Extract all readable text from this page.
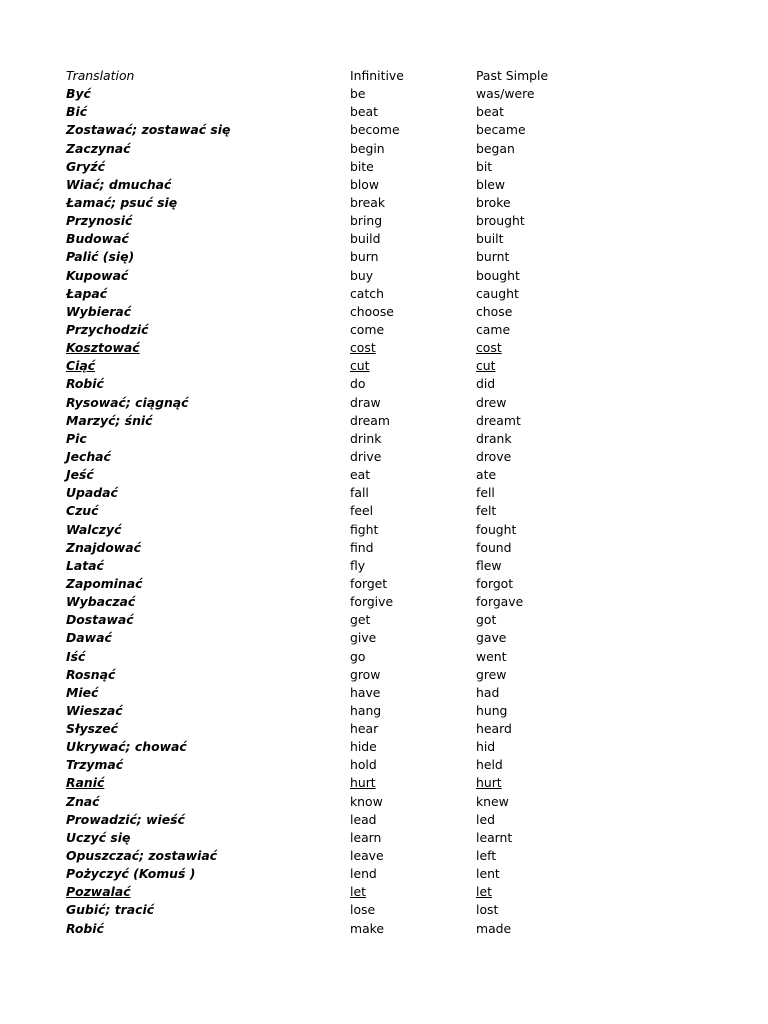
Translation	Infinitive	Past Simple
Być	be	was/were
Bić	beat	beat
Zostawać; zostawać się	become	became
Zaczynać	begin	began
Gryźć	bite	bit
Wiać; dmuchać	blow	blew
Łamać; psuć się	break	broke
Przynosić	bring	brought
Budować	build	built
Palić (się)	burn	burnt
Kupować	buy	bought
Łapać	catch	caught
Wybierać	choose	chose
Przychodzić	come	came
Kosztować	cost	cost
Ciąć	cut	cut
Robić	do	did
Rysować; ciągnąć	draw	drew
Marzyć; śnić	dream	dreamt
Pic	drink	drank
Jechać	drive	drove
Jeść	eat	ate
Upadać	fall	fell
Czuć	feel	felt
Walczyć	fight	fought
Znajdować	find	found
Latać	fly	flew
Zapominać	forget	forgot
Wybaczać	forgive	forgave
Dostawać	get	got
Dawać	give	gave
Iść	go	went
Rosnąć	grow	grew
Mieć	have	had
Wieszać	hang	hung
Słyszeć	hear	heard
Ukrywać; chować	hide	hid
Trzymać	hold	held
Ranić	hurt	hurt
Znać	know	knew
Prowadzić; wieść	lead	led
Uczyć się	learn	learnt
Opuszczać; zostawiać	leave	left
Pożyczyć (Komuś )	lend	lent
Pozwalać	let	let
Gubić; tracić	lose	lost
Robić	make	made
